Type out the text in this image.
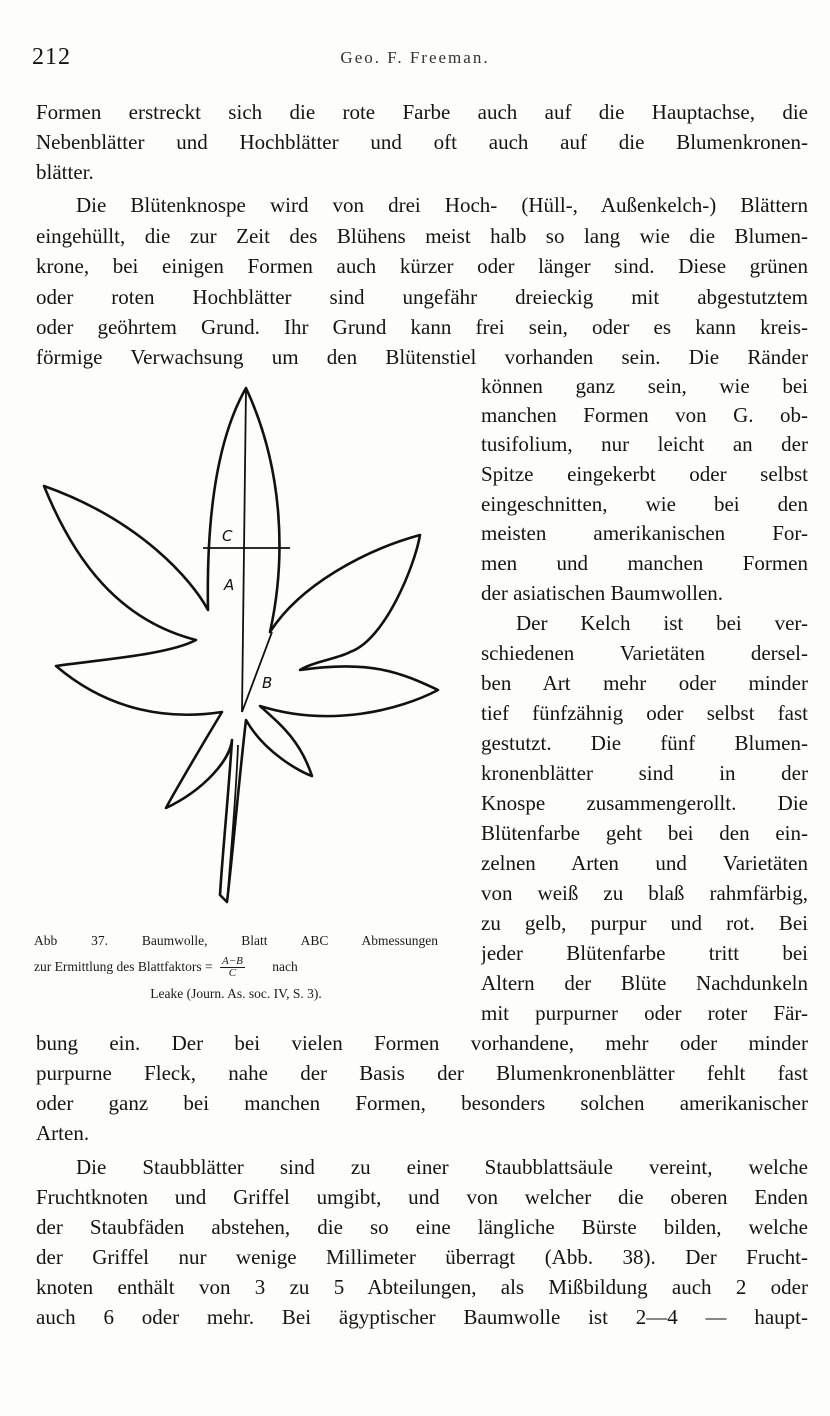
212	Geo. F. Freeman.
Formen erstreckt sich die rote Farbe auch auf die Hauptachse, die
Nebenblätter und Hochblätter und oft auch auf die Blumenkronen-
blätter.
Die Blütenknospe wird von drei Hoch- (Hüll-, Außenkelch-) Blättern
eingehüllt, die zur Zeit des Blühens meist halb so lang wie die Blumen-
krone, bei einigen Formen auch kürzer oder länger sind. Diese grünen
oder roten Hochblätter sind ungefähr dreieckig mit abgestutztem
oder geöhrtem Grund. Ihr Grund kann frei sein, oder es kann kreis-
förmige Verwachsung um den Blütenstiel vorhanden sein. Die Ränder
können ganz sein, wie bei
manchen Formen von G. ob-
tusifolium, nur leicht an der
Spitze eingekerbt oder selbst
eingeschnitten, wie bei den
meisten amerikanischen For-
men und manchen Formen
der asiatischen Baumwollen.
Der Kelch ist bei ver-
schiedenen Varietäten dersel-
ben Art mehr oder minder
tief fünfzähnig oder selbst fast
gestutzt. Die fünf Blumen-
kronenblätter sind in der
Knospe zusammengerollt. Die
Blütenfarbe geht bei den ein-
zelnen Arten und Varietäten
von weiß zu blaß rahmfärbig,
zu gelb, purpur und rot. Bei
jeder Blütenfarbe tritt bei
Altern der Blüte Nachdunkeln
mit purpurner oder roter Fär-
bung ein. Der bei vielen Formen vorhandene, mehr oder minder
purpurne Fleck, nahe der Basis der Blumenkronenblätter fehlt fast
oder ganz bei manchen Formen, besonders solchen amerikanischer
Arten.
Die Staubblätter sind zu einer Staubblattsäule vereint, welche
Fruchtknoten und Griffel umgibt, und von welcher die oberen Enden
der Staubfäden abstehen, die so eine längliche Bürste bilden, welche
der Griffel nur wenige Millimeter überragt (Abb. 38). Der Frucht-
knoten enthält von 3 zu 5 Abteilungen, als Mißbildung auch 2 oder
auch 6 oder mehr. Bei ägyptischer Baumwolle ist 2—4 — haupt-
C
A
B
Abb 37. Baumwolle, Blatt ABC Abmessungen
zur Ermittlung des Blattfaktors = $\frac{A-B}{C}$ nach
Leake (Journ. As. soc. IV, S. 3).
